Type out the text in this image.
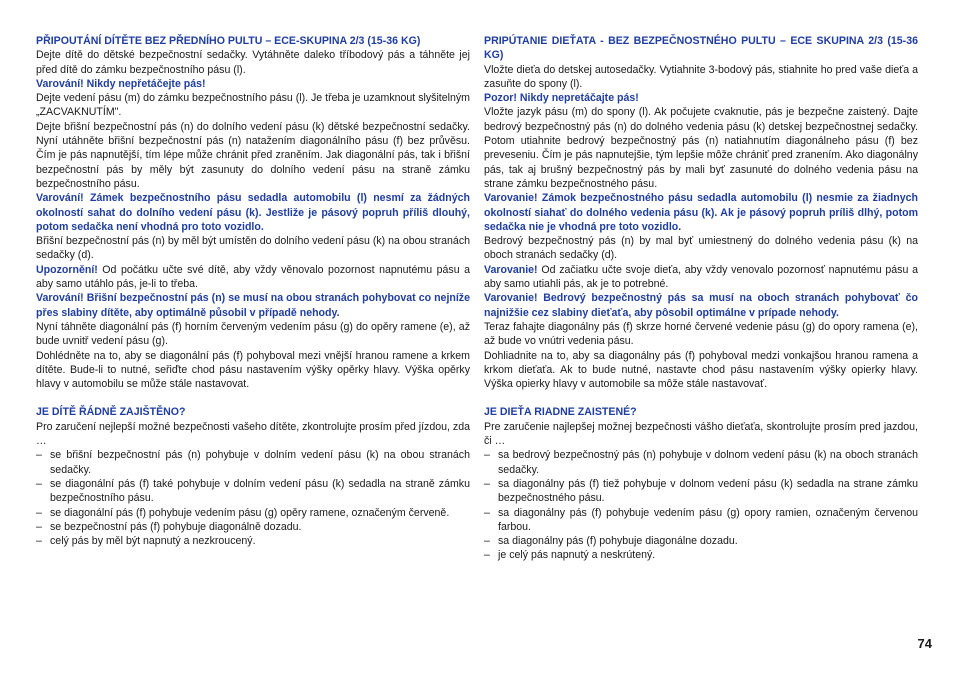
PŘIPOUTÁNÍ DÍTĚTE BEZ PŘEDNÍHO PULTU – ECE-SKUPINA 2/3 (15-36 KG)

Dejte dítě do dětské bezpečnostní sedačky. Vytáhněte daleko tříbodový pás a táhněte jej před dítě do zámku bezpečnostního pásu (l).

Varování! Nikdy nepřetáčejte pás!

Dejte vedení pásu (m) do zámku bezpečnostního pásu (l). Je třeba je uzamknout slyšitelným „ZACVAKNUTÍM".

Dejte břišní bezpečnostní pás (n) do dolního vedení pásu (k) dětské bezpečnostní sedačky. Nyní utáhněte břišní bezpečnostní pás (n) natažením diagonálního pásu (f) bez průvěsu. Čím je pás napnutější, tím lépe může chránit před zraněním. Jak diagonální pás, tak i břišní bezpečnostní pás by měly být zasunuty do dolního vedení pásu na straně zámku bezpečnostního pásu.

Varování! Zámek bezpečnostního pásu sedadla automobilu (l) nesmí za žádných okolností sahat do dolního vedení pásu (k). Jestliže je pásový popruh příliš dlouhý, potom sedačka není vhodná pro toto vozidlo.

Břišní bezpečnostní pás (n) by měl být umístěn do dolního vedení pásu (k) na obou stranách sedačky (d).

Upozornění! Od počátku učte své dítě, aby vždy věnovalo pozornost napnutému pásu a aby samo utáhlo pás, je-li to třeba.

Varování! Břišní bezpečnostní pás (n) se musí na obou stranách pohybovat co nejníže přes slabiny dítěte, aby optimálně působil v případě nehody.

Nyní táhněte diagonální pás (f) horním červeným vedením pásu (g) do opěry ramene (e), až bude uvnitř vedení pásu (g).

Dohlédněte na to, aby se diagonální pás (f) pohyboval mezi vnější hranou ramene a krkem dítěte. Bude-li to nutné, seřiďte chod pásu nastavením výšky opěrky hlavy. Výška opěrky hlavy v automobilu se může stále nastavovat.

JE DÍTĚ ŘÁDNĚ ZAJIŠTĚNO?

Pro zaručení nejlepší možné bezpečnosti vašeho dítěte, zkontrolujte prosím před jízdou, zda …

– se břišní bezpečnostní pás (n) pohybuje v dolním vedení pásu (k) na obou stranách sedačky.
– se diagonální pás (f) také pohybuje v dolním vedení pásu (k) sedadla na straně zámku bezpečnostního pásu.
– se diagonální pás (f) pohybuje vedením pásu (g) opěry ramene, označeným červeně.
– se bezpečnostní pás (f) pohybuje diagonálně dozadu.
– celý pás by měl být napnutý a nezkroucený.

PRIPÚTANIE DIEŤATA - BEZ BEZPEČNOSTNÉHO PULTU – ECE SKUPINA 2/3 (15-36 KG)

Vložte dieťa do detskej autosedačky. Vytiahnite 3-bodový pás, stiahnite ho pred vaše dieťa a zasuňte do spony (l).

Pozor! Nikdy nepretáčajte pás!

Vložte jazyk pásu (m) do spony (l). Ak počujete cvaknutie, pás je bezpečne zaistený. Dajte bedrový bezpečnostný pás (n) do dolného vedenia pásu (k) detskej bezpečnostnej sedačky. Potom utiahnite bedrový bezpečnostný pás (n) natiahnutím diagonálneho pásu (f) bez preveseniu. Čím je pás napnutejšie, tým lepšie môže chrániť pred zranením. Ako diagonálny pás, tak aj brušný bezpečnostný pás by mali byť zasunuté do dolného vedenia pásu na strane zámku bezpečnostného pásu.

Varovanie! Zámok bezpečnostného pásu sedadla automobilu (l) nesmie za žiadnych okolností siahať do dolného vedenia pásu (k). Ak je pásový popruh príliš dlhý, potom sedačka nie je vhodná pre toto vozidlo.

Bedrový bezpečnostný pás (n) by mal byť umiestnený do dolného vedenia pásu (k) na oboch stranách sedačky (d).

Varovanie! Od začiatku učte svoje dieťa, aby vždy venovalo pozornosť napnutému pásu a aby samo utiahli pás, ak je to potrebné.

Varovanie! Bedrový bezpečnostný pás sa musí na oboch stranách pohybovať čo najnižšie cez slabiny dieťaťa, aby pôsobil optimálne v prípade nehody.

Teraz fahajte diagonálny pás (f) skrze horné červené vedenie pásu (g) do opory ramena (e), až bude vo vnútri vedenia pásu.

Dohliadnite na to, aby sa diagonálny pás (f) pohyboval medzi vonkajšou hranou ramena a krkom dieťaťa. Ak to bude nutné, nastavte chod pásu nastavením výšky opierky hlavy. Výška opierky hlavy v automobile sa môže stále nastavovať.

JE DIEŤA RIADNE ZAISTENÉ?

Pre zaručenie najlepšej možnej bezpečnosti vášho dieťaťa, skontrolujte prosím pred jazdou, či …

– sa bedrový bezpečnostný pás (n) pohybuje v dolnom vedení pásu (k) na oboch stranách sedačky.
– sa diagonálny pás (f) tiež pohybuje v dolnom vedení pásu (k) sedadla na strane zámku bezpečnostného pásu.
– sa diagonálny pás (f) pohybuje vedením pásu (g) opory ramien, označeným červenou farbou.
– sa diagonálny pás (f) pohybuje diagonálne dozadu.
– je celý pás napnutý a neskrútený.
74
